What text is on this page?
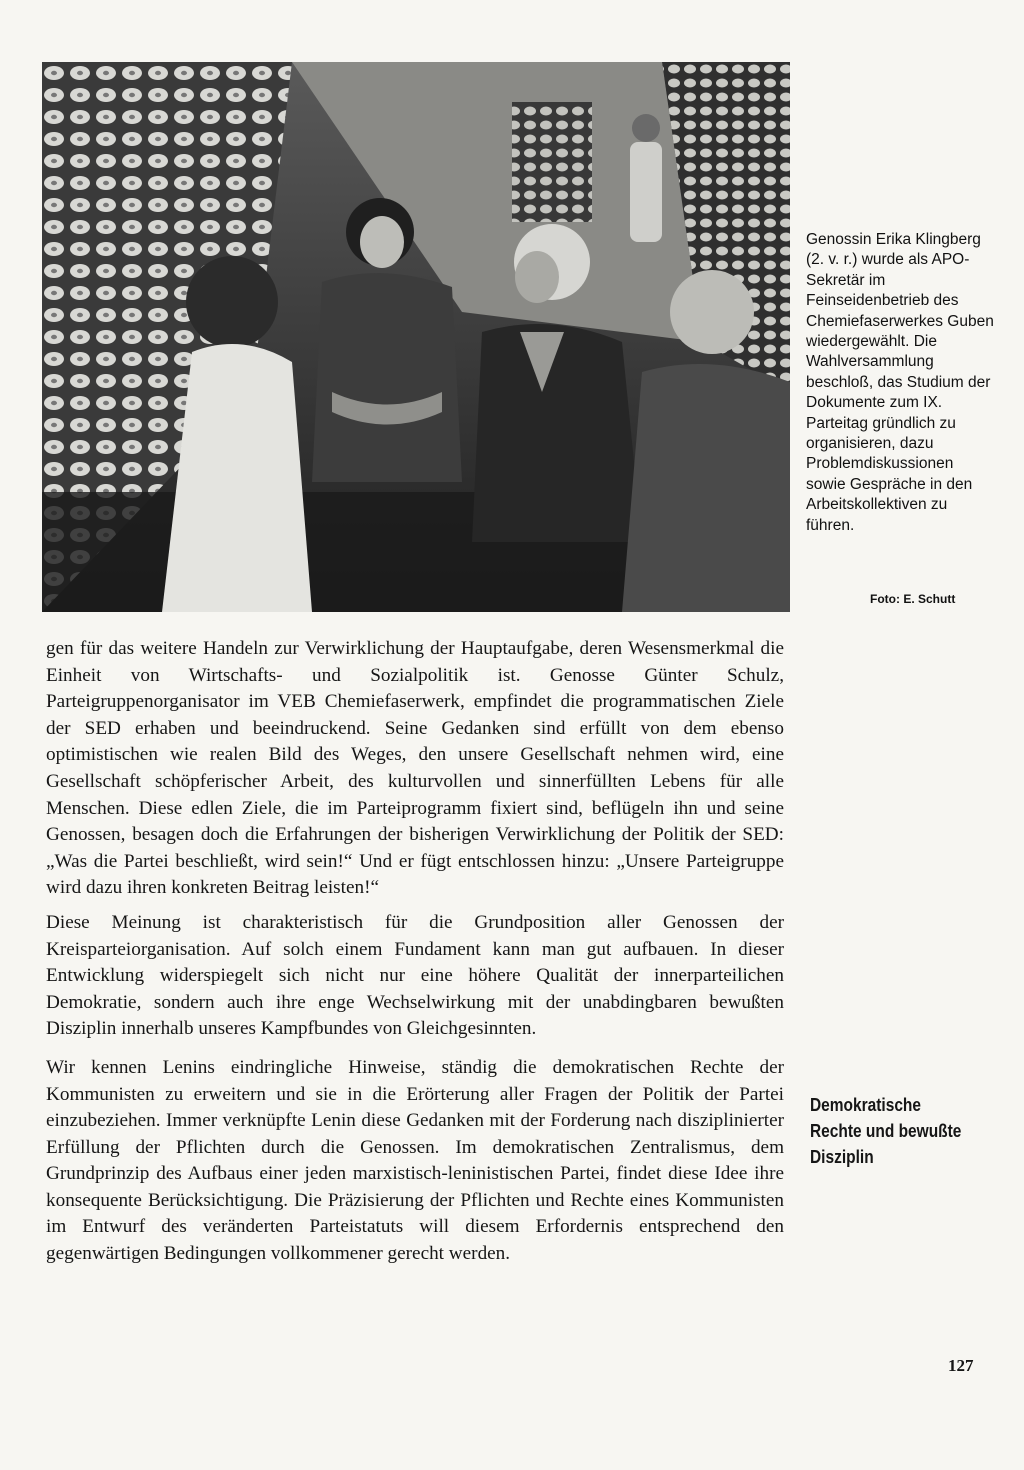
Genossin Erika Klingberg (2. v. r.) wurde als APO-Sekretär im Feinseidenbetrieb des Chemiefaserwerkes Guben wiedergewählt. Die Wahlversammlung beschloß, das Studium der Dokumente zum IX. Parteitag gründlich zu organisieren, dazu Problemdiskussionen sowie Gespräche in den Arbeitskollektiven zu führen.
Foto: E. Schutt

gen für das weitere Handeln zur Verwirklichung der Hauptaufgabe, deren Wesensmerkmal die Einheit von Wirtschafts- und Sozialpolitik ist. Genosse Günter Schulz, Parteigruppenorganisator im VEB Chemiefaserwerk, empfindet die programmatischen Ziele der SED erhaben und beeindruckend. Seine Gedanken sind erfüllt von dem ebenso optimistischen wie realen Bild des Weges, den unsere Gesellschaft nehmen wird, eine Gesellschaft schöpferischer Arbeit, des kulturvollen und sinnerfüllten Lebens für alle Menschen. Diese edlen Ziele, die im Parteiprogramm fixiert sind, beflügeln ihn und seine Genossen, besagen doch die Erfahrungen der bisherigen Verwirklichung der Politik der SED: „Was die Partei beschließt, wird sein!“ Und er fügt entschlossen hinzu: „Unsere Parteigruppe wird dazu ihren konkreten Beitrag leisten!“

Diese Meinung ist charakteristisch für die Grundposition aller Genossen der Kreisparteiorganisation. Auf solch einem Fundament kann man gut aufbauen. In dieser Entwicklung widerspiegelt sich nicht nur eine höhere Qualität der innerparteilichen Demokratie, sondern auch ihre enge Wechselwirkung mit der unabdingbaren bewußten Disziplin innerhalb unseres Kampfbundes von Gleichgesinnten.

Wir kennen Lenins eindringliche Hinweise, ständig die demokratischen Rechte der Kommunisten zu erweitern und sie in die Erörterung aller Fragen der Politik der Partei einzubeziehen. Immer verknüpfte Lenin diese Gedanken mit der Forderung nach disziplinierter Erfüllung der Pflichten durch die Genossen. Im demokratischen Zentralismus, dem Grundprinzip des Aufbaus einer jeden marxistisch-leninistischen Partei, findet diese Idee ihre konsequente Berücksichtigung. Die Präzisierung der Pflichten und Rechte eines Kommunisten im Entwurf des veränderten Parteistatuts will diesem Erfordernis entsprechend den gegenwärtigen Bedingungen vollkommener gerecht werden.

Demokratische Rechte und bewußte Disziplin
127
